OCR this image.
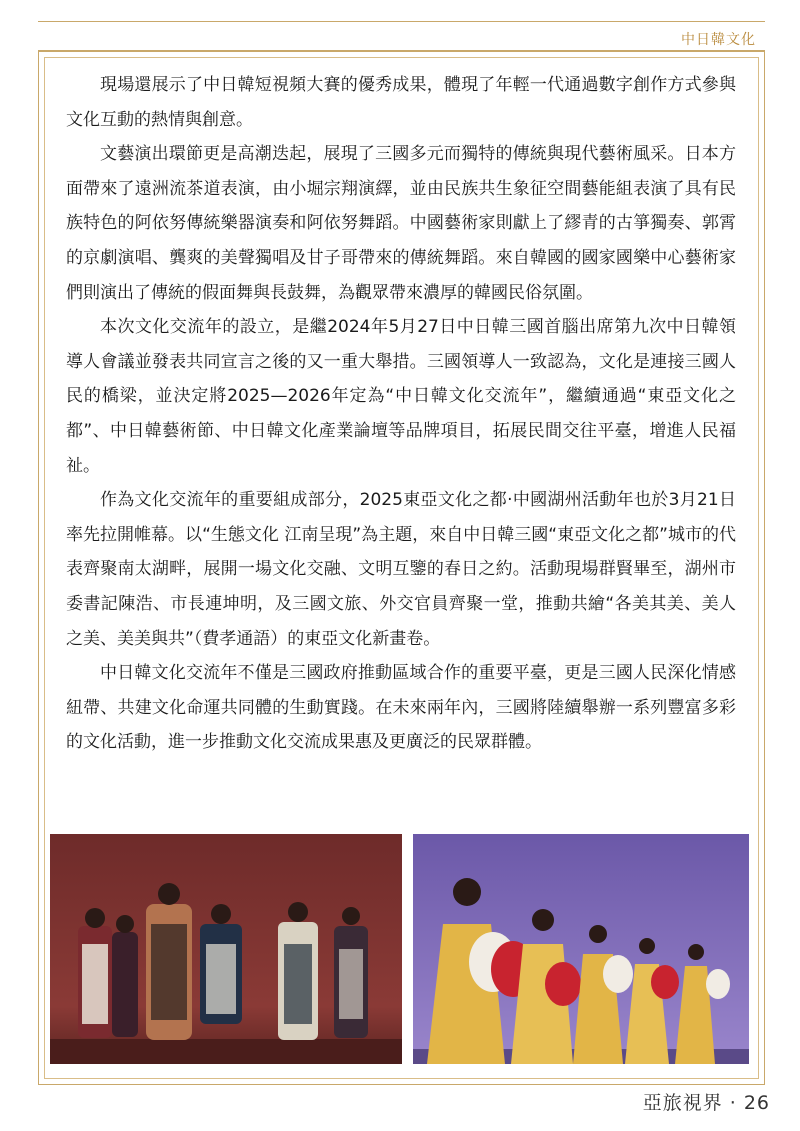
中日韓文化

現場還展示了中日韓短視頻大賽的優秀成果，體現了年輕一代通過數字創作方式參與文化互動的熱情與創意。

文藝演出環節更是高潮迭起，展現了三國多元而獨特的傳統與現代藝術風采。日本方面帶來了遠洲流茶道表演，由小堀宗翔演繹，並由民族共生象征空間藝能組表演了具有民族特色的阿依努傳統樂器演奏和阿依努舞蹈。中國藝術家則獻上了繆青的古箏獨奏、郭霄的京劇演唱、龔爽的美聲獨唱及甘子哥帶來的傳統舞蹈。來自韓國的國家國樂中心藝術家們則演出了傳統的假面舞與長鼓舞，為觀眾帶來濃厚的韓國民俗氛圍。

本次文化交流年的設立，是繼2024年5月27日中日韓三國首腦出席第九次中日韓領導人會議並發表共同宣言之後的又一重大舉措。三國領導人一致認為，文化是連接三國人民的橋梁，並決定將2025—2026年定為“中日韓文化交流年”，繼續通過“東亞文化之都”、中日韓藝術節、中日韓文化產業論壇等品牌項目，拓展民間交往平臺，增進人民福祉。

作為文化交流年的重要組成部分，2025東亞文化之都·中國湖州活動年也於3月21日率先拉開帷幕。以“生態文化 江南呈現”為主題，來自中日韓三國“東亞文化之都”城市的代表齊聚南太湖畔，展開一場文化交融、文明互鑒的春日之約。活動現場群賢畢至，湖州市委書記陳浩、市長連坤明，及三國文旅、外交官員齊聚一堂，推動共繪“各美其美、美人之美、美美與共”（費孝通語）的東亞文化新畫卷。

中日韓文化交流年不僅是三國政府推動區域合作的重要平臺，更是三國人民深化情感紐帶、共建文化命運共同體的生動實踐。在未來兩年內，三國將陸續舉辦一系列豐富多彩的文化活動，進一步推動文化交流成果惠及更廣泛的民眾群體。

亞旅視界 · 26
